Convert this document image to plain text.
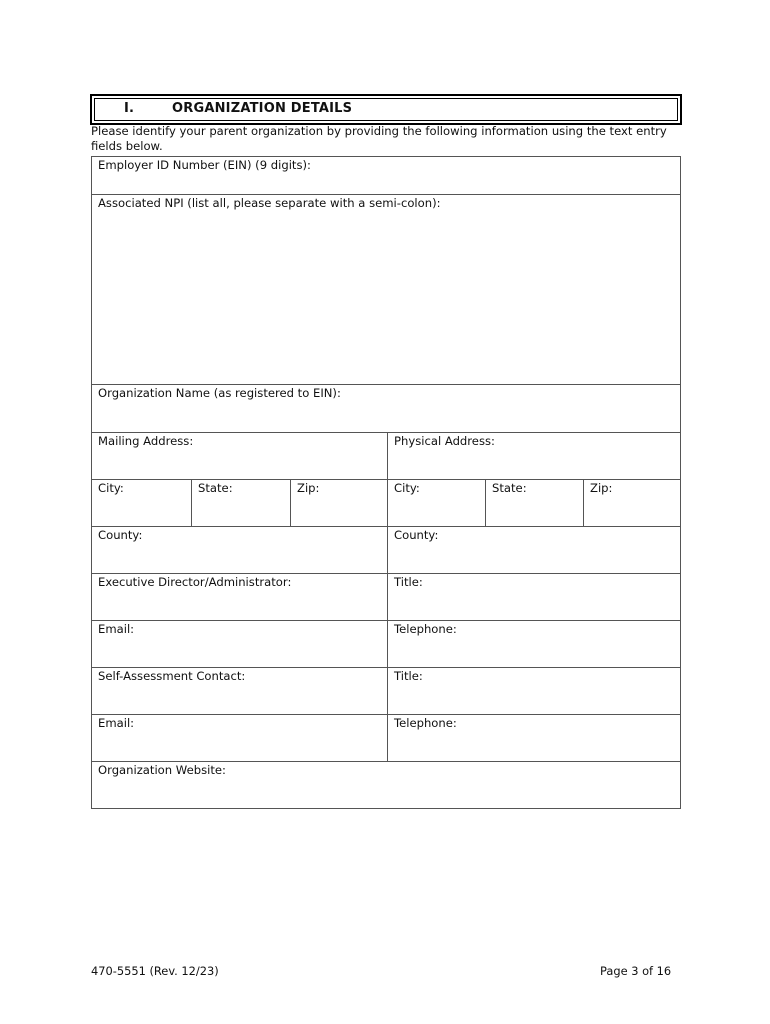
I.	ORGANIZATION DETAILS
Please identify your parent organization by providing the following information using the text entry fields below.
Employer ID Number (EIN) (9 digits):
Associated NPI (list all, please separate with a semi-colon):
Organization Name (as registered to EIN):
Mailing Address:	Physical Address:
City:	State:	Zip:	City:	State:	Zip:
County:	County:
Executive Director/Administrator:	Title:
Email:	Telephone:
Self-Assessment Contact:	Title:
Email:	Telephone:
Organization Website:
470-5551 (Rev. 12/23)	Page 3 of 16
